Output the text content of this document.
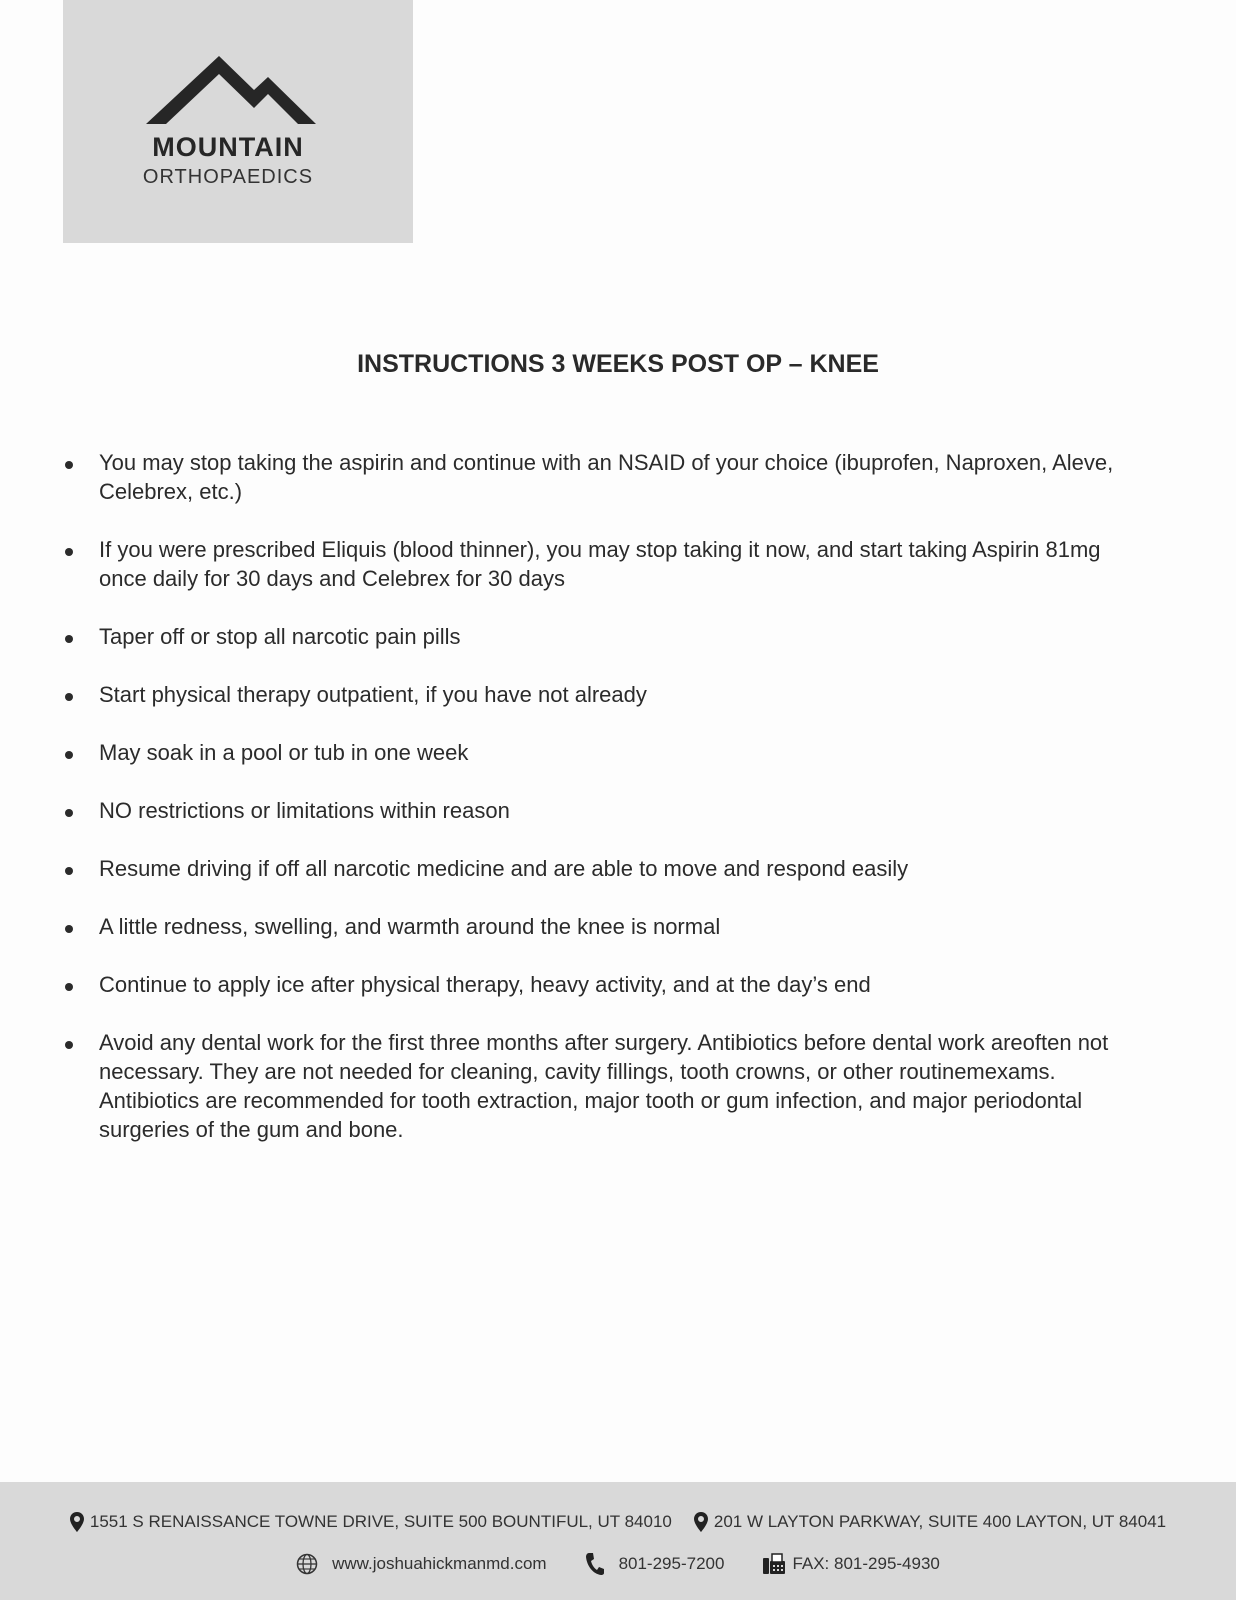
MOUNTAIN
ORTHOPAEDICS
INSTRUCTIONS 3 WEEKS POST OP – KNEE
You may stop taking the aspirin and continue with an NSAID of your choice (ibuprofen, Naproxen, Aleve, Celebrex, etc.)
If you were prescribed Eliquis (blood thinner), you may stop taking it now, and start taking Aspirin 81mg once daily for 30 days and Celebrex for 30 days
Taper off or stop all narcotic pain pills
Start physical therapy outpatient, if you have not already
May soak in a pool or tub in one week
NO restrictions or limitations within reason
Resume driving if off all narcotic medicine and are able to move and respond easily
A little redness, swelling, and warmth around the knee is normal
Continue to apply ice after physical therapy, heavy activity, and at the day’s end
Avoid any dental work for the first three months after surgery. Antibiotics before dental work areoften not necessary. They are not needed for cleaning, cavity fillings, tooth crowns, or other routinemexams. Antibiotics are recommended for tooth extraction, major tooth or gum infection, and major periodontal surgeries of the gum and bone.
1551 S RENAISSANCE TOWNE DRIVE, SUITE 500 BOUNTIFUL, UT 84010 201 W LAYTON PARKWAY, SUITE 400 LAYTON, UT 84041
www.joshuahickmanmd.com	801-295-7200	FAX: 801-295-4930
